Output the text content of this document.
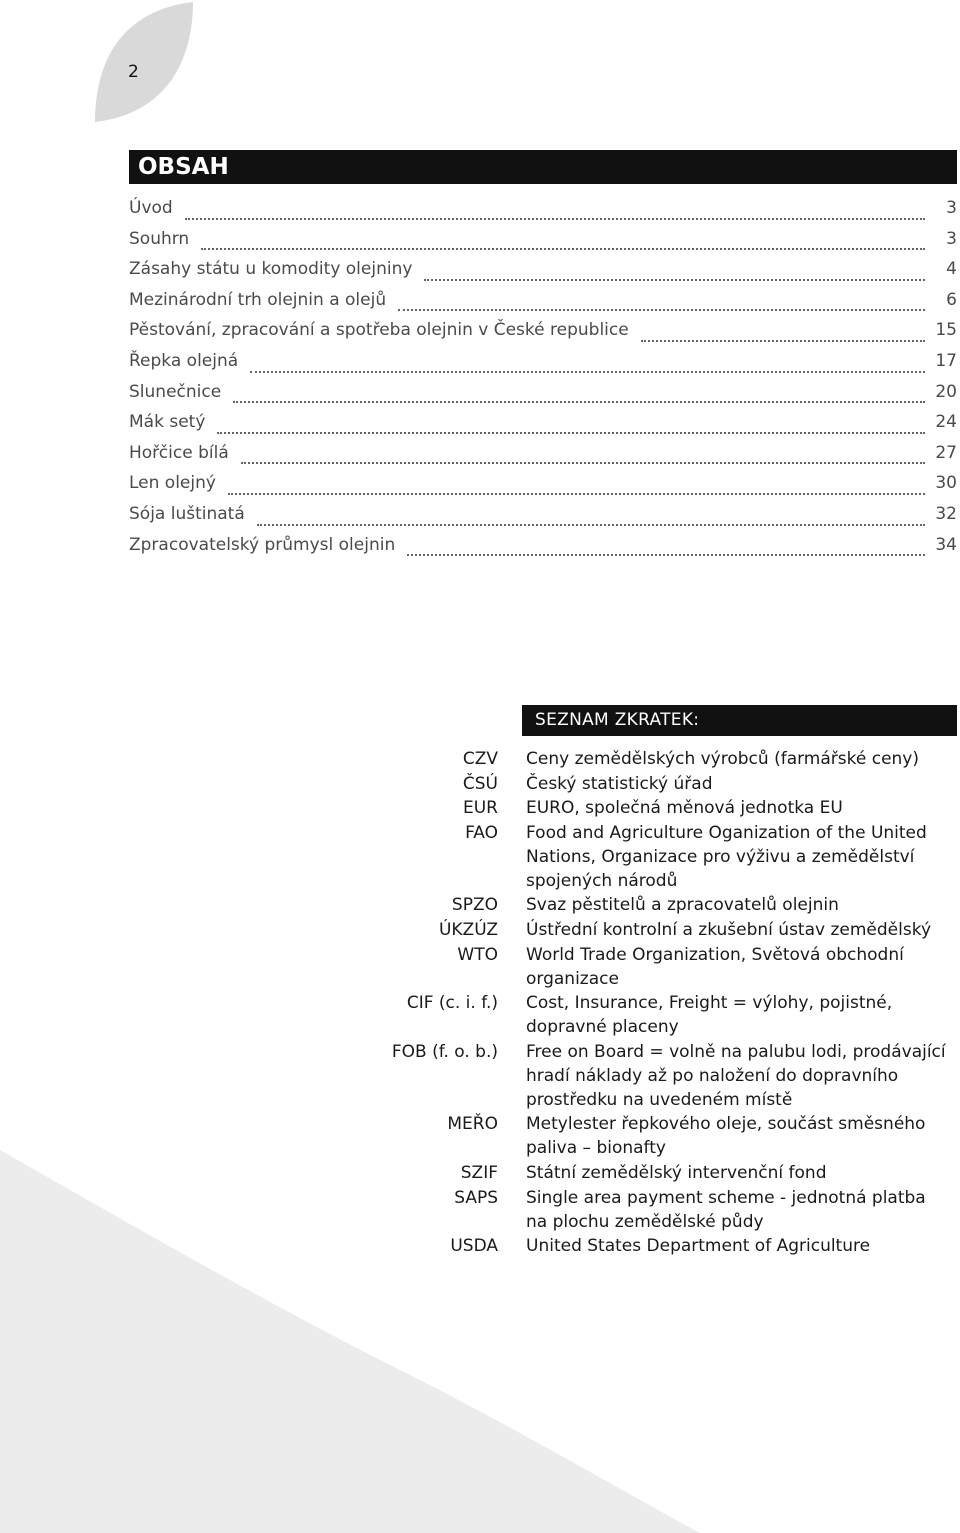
2
OBSAH
Úvod	3
Souhrn	3
Zásahy státu u komodity olejniny	4
Mezinárodní trh olejnin a olejů	6
Pěstování, zpracování a spotřeba olejnin v České republice	15
Řepka olejná	17
Slunečnice	20
Mák setý	24
Hořčice bílá	27
Len olejný	30
Sója luštinatá	32
Zpracovatelský průmysl olejnin	34
SEZNAM ZKRATEK:
CZV Ceny zemědělských výrobců (farmářské ceny)
ČSÚ Český statistický úřad
EUR EURO, společná měnová jednotka EU
FAO Food and Agriculture Oganization of the United Nations, Organizace pro výživu a zemědělství spojených národů
SPZO Svaz pěstitelů a zpracovatelů olejnin
ÚKZÚZ Ústřední kontrolní a zkušební ústav zemědělský
WTO World Trade Organization, Světová obchodní organizace
CIF (c. i. f.) Cost, Insurance, Freight = výlohy, pojistné, dopravné placeny
FOB (f. o. b.) Free on Board = volně na palubu lodi, prodávající hradí náklady až po naložení do dopravního prostředku na uvedeném místě
MEŘO Metylester řepkového oleje, součást směsného paliva – bionafty
SZIF Státní zemědělský intervenční fond
SAPS Single area payment scheme - jednotná platba na plochu zemědělské půdy
USDA United States Department of Agriculture
